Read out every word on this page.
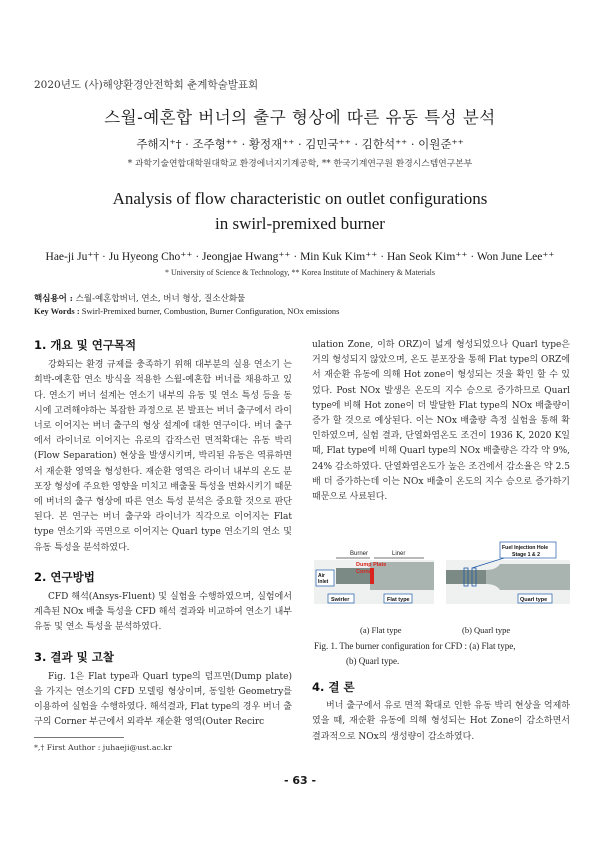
2020년도 (사)해양환경안전학회 춘계학술발표회
스월-예혼합 버너의 출구 형상에 따른 유동 특성 분석
주해지⁺† · 조주형⁺⁺ · 황정재⁺⁺ · 김민국⁺⁺ · 김한석⁺⁺ · 이원준⁺⁺
* 과학기술연합대학원대학교 환경에너지기계공학, ** 한국기계연구원 환경시스템연구본부
Analysis of flow characteristic on outlet configurations
in swirl-premixed burner
Hae-ji Ju⁺† · Ju Hyeong Cho⁺⁺ · Jeongjae Hwang⁺⁺ · Min Kuk Kim⁺⁺ · Han Seok Kim⁺⁺ · Won June Lee⁺⁺
* University of Science & Technology, ** Korea Institute of Machinery & Materials
핵심용어 : 스월-예혼합버너, 연소, 버너 형상, 질소산화물
Key Words : Swirl-Premixed burner, Combustion, Burner Configuration, NOx emissions
1. 개요 및 연구목적

강화되는 환경 규제를 충족하기 위해 대부분의 실용 연소기 는 희박-예혼합 연소 방식을 적용한 스월-예혼합 버너를 채용하고 있다. 연소기 버너 설계는 연소기 내부의 유동 및 연소 특성 등을 동시에 고려해야하는 복잡한 과정으로 본 발표는 버너 출구에서 라이너로 이어지는 버너 출구의 형상 설계에 대한 연구이다. 버너 출구에서 라이너로 이어지는 유로의 갑작스런 면적확대는 유동 박리(Flow Separation) 현상을 발생시키며, 박리된 유동은 역류하면서 재순환 영역을 형성한다. 재순환 영역은 라이너 내부의 온도 분포장 형성에 주요한 영향을 미치고 배출물 특성을 변화시키기 때문에 버너의 출구 형상에 따른 연소 특성 분석은 중요할 것으로 판단된다. 본 연구는 버너 출구와 라이너가 직각으로 이어지는 Flat type 연소기와 곡면으로 이어지는 Quarl type 연소기의 연소 및 유동 특성을 분석하였다.

2. 연구방법

CFD 해석(Ansys-Fluent) 및 실험을 수행하였으며, 실험에서 계측된 NOx 배출 특성을 CFD 해석 결과와 비교하여 연소기 내부 유동 및 연소 특성을 분석하였다.

3. 결과 및 고찰

Fig. 1은 Flat type과 Quarl type의 덤프면(Dump plate)을 가지는 연소기의 CFD 모델링 형상이며, 동일한 Geometry를 이용하여 실험을 수행하였다. 해석결과, Flat type의 경우 버너 출구의 Corner 부근에서 외곽부 재순환 영역(Outer Recirc

ulation Zone, 이하 ORZ)이 넓게 형성되었으나 Quarl type은 거의 형성되지 않았으며, 온도 분포장을 통해 Flat type의 ORZ에서 재순환 유동에 의해 Hot zone이 형성되는 것을 확인 할 수 있었다. Post NOx 발생은 온도의 지수 승으로 증가하므로 Quarl type에 비해 Hot zone이 더 발달한 Flat type의 NOx 배출량이 증가 할 것으로 예상된다. 이는 NOx 배출량 측정 실험을 통해 확인하였으며, 실험 결과, 단열화염온도 조건이 1936 K, 2020 K일 때, Flat type에 비해 Quarl type의 NOx 배출량은 각각 약 9%, 24% 감소하였다. 단열화염온도가 높은 조건에서 감소율은 약 2.5배 더 증가하는데 이는 NOx 배출이 온도의 지수 승으로 증가하기 때문으로 사료된다.

Burner	Liner
Dump Plate
Corner
Air
Inlet
Swirler	Flat type
Fuel Injection Hole
Stage 1 & 2
Quarl type
(a) Flat type	(b) Quarl type
Fig. 1. The burner configuration for CFD : (a) Flat type,
(b) Quarl type.
4. 결 론

버너 출구에서 유로 면적 확대로 인한 유동 박리 현상을 억제하였을 때, 재순환 유동에 의해 형성되는 Hot Zone이 감소하면서 결과적으로 NOx의 생성량이 감소하였다.

*,† First Author : juhaeji@ust.ac.kr
- 63 -
